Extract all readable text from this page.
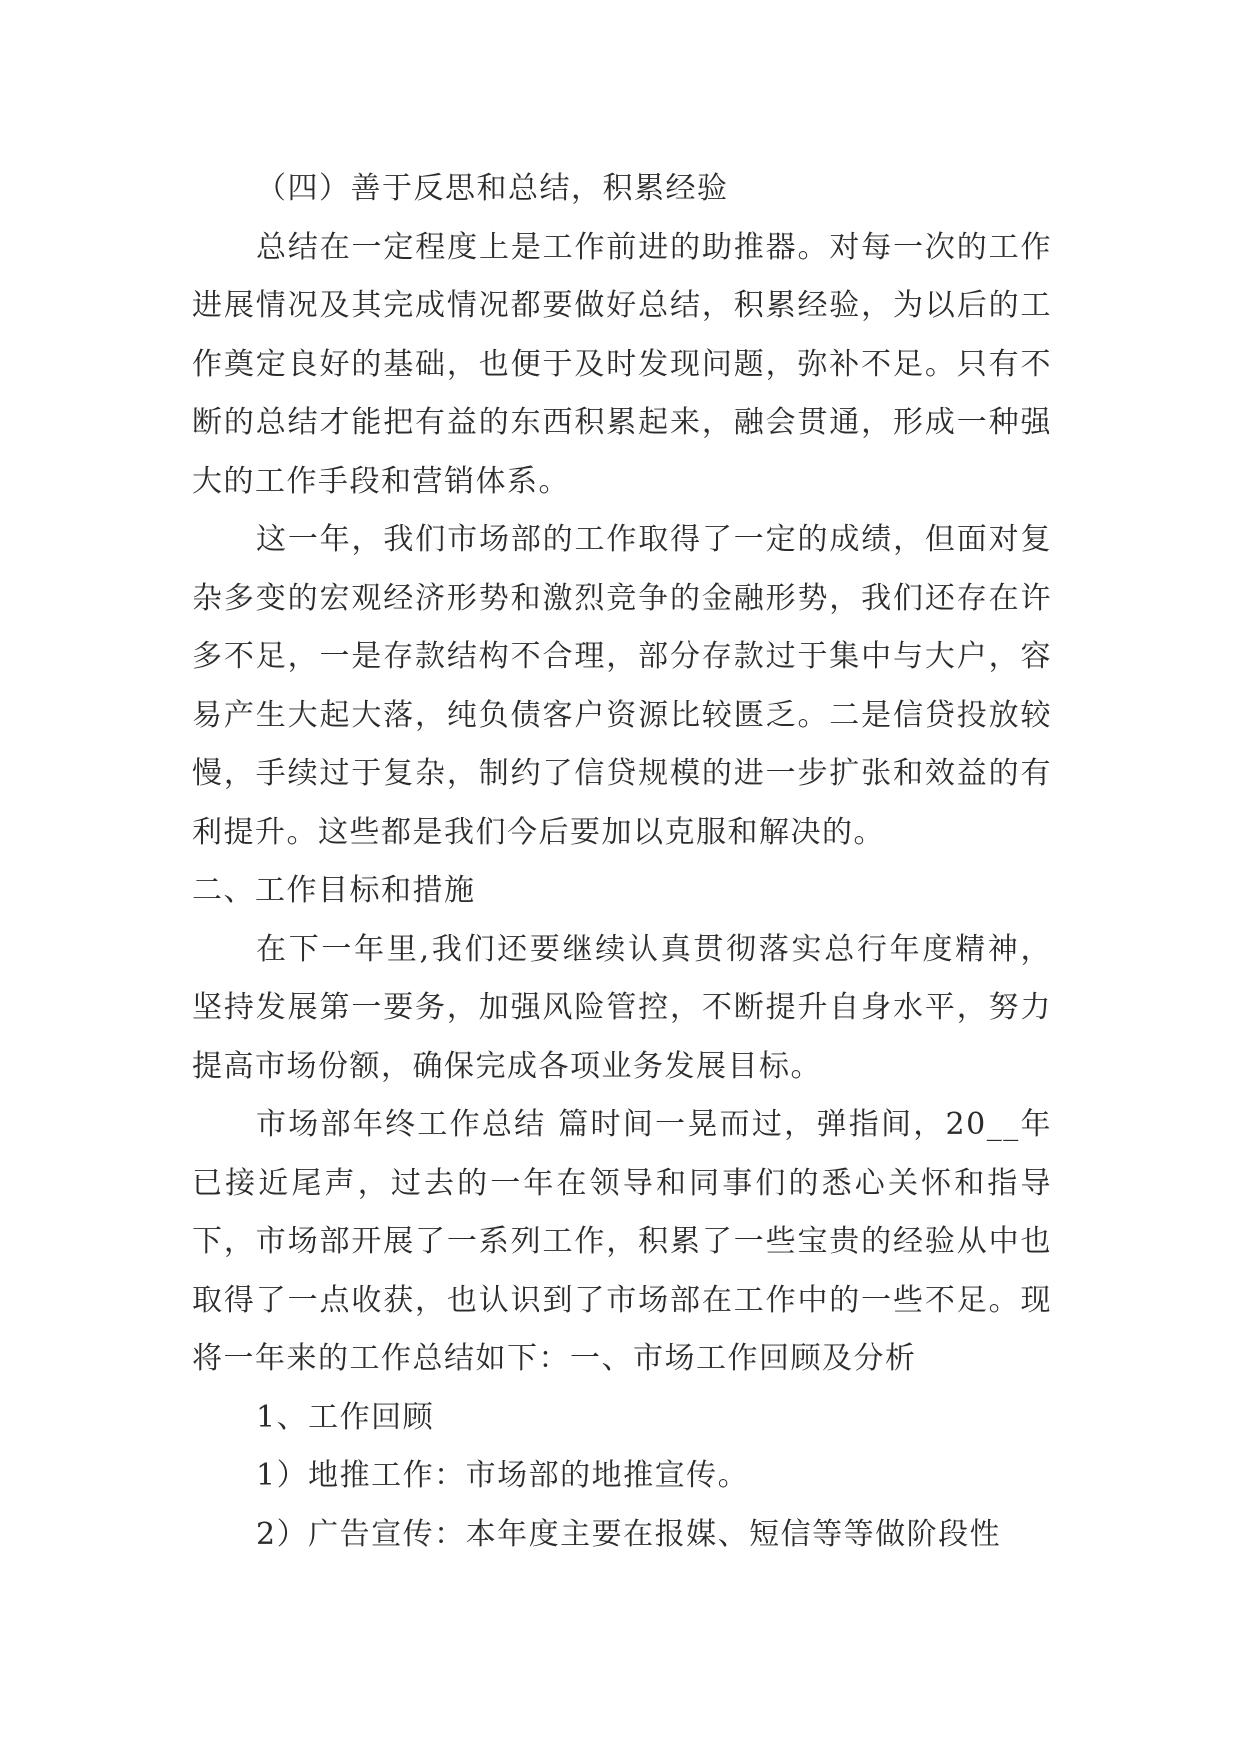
（四）善于反思和总结，积累经验

总结在一定程度上是工作前进的助推器。对每一次的工作进展情况及其完成情况都要做好总结，积累经验，为以后的工作奠定良好的基础，也便于及时发现问题，弥补不足。只有不断的总结才能把有益的东西积累起来，融会贯通，形成一种强大的工作手段和营销体系。

这一年，我们市场部的工作取得了一定的成绩，但面对复杂多变的宏观经济形势和激烈竞争的金融形势，我们还存在许多不足，一是存款结构不合理，部分存款过于集中与大户，容易产生大起大落，纯负债客户资源比较匮乏。二是信贷投放较慢，手续过于复杂，制约了信贷规模的进一步扩张和效益的有利提升。这些都是我们今后要加以克服和解决的。

二、工作目标和措施

在下一年里,我们还要继续认真贯彻落实总行年度精神，坚持发展第一要务，加强风险管控，不断提升自身水平，努力提高市场份额，确保完成各项业务发展目标。

市场部年终工作总结 篇时间一晃而过，弹指间，20__年已接近尾声，过去的一年在领导和同事们的悉心关怀和指导下，市场部开展了一系列工作，积累了一些宝贵的经验从中也取得了一点收获，也认识到了市场部在工作中的一些不足。现将一年来的工作总结如下：一、市场工作回顾及分析

1、工作回顾

1）地推工作：市场部的地推宣传。

2）广告宣传：本年度主要在报媒、短信等等做阶段性
